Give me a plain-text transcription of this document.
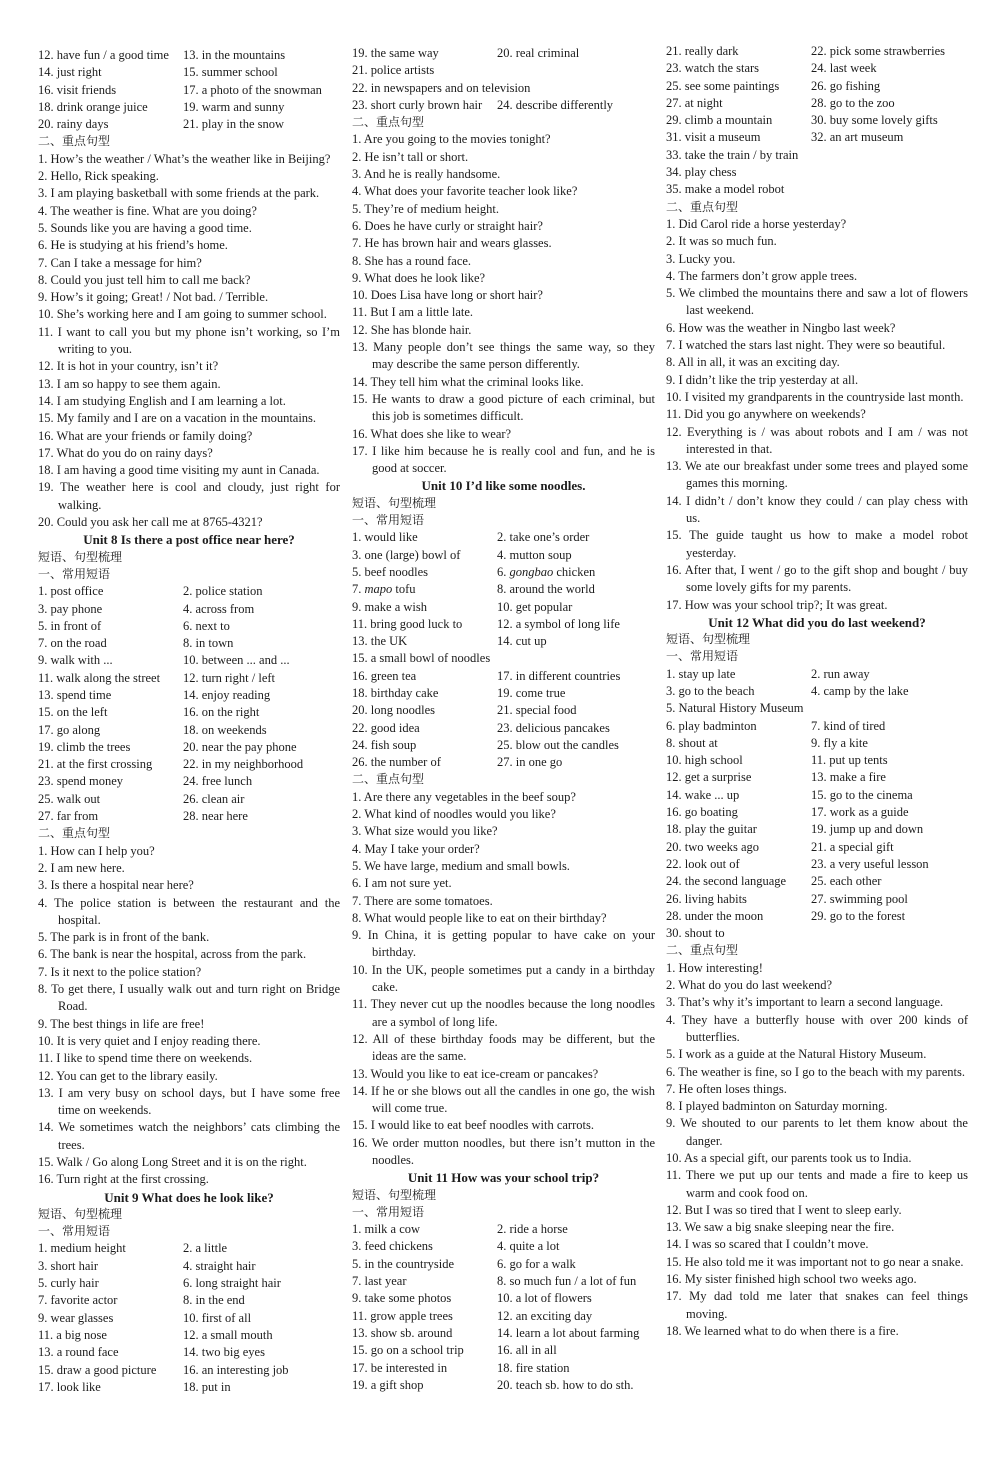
12. have fun / a good time	13. in the mountains
14. just right	15. summer school
16. visit friends	17. a photo of the snowman
18. drink orange juice	19. warm and sunny
20. rainy days	21. play in the snow
二、重点句型
1. How’s the weather / What’s the weather like in Beijing?
2. Hello, Rick speaking.
3. I am playing basketball with some friends at the park.
4. The weather is fine. What are you doing?
5. Sounds like you are having a good time.
6. He is studying at his friend’s home.
7. Can I take a message for him?
8. Could you just tell him to call me back?
9. How’s it going; Great! / Not bad. / Terrible.
10. She’s working here and I am going to summer school.
11. I want to call you but my phone isn’t working, so I’m writing to you.
12. It is hot in your country, isn’t it?
13. I am so happy to see them again.
14. I am studying English and I am learning a lot.
15. My family and I are on a vacation in the mountains.
16. What are your friends or family doing?
17. What do you do on rainy days?
18. I am having a good time visiting my aunt in Canada.
19. The weather here is cool and cloudy, just right for walking.
20. Could you ask her call me at 8765-4321?
Unit 8 Is there a post office near here?
短语、句型梳理
一、常用短语
1. post office	2. police station
3. pay phone	4. across from
5. in front of	6. next to
7. on the road	8. in town
9. walk with ...	10. between ... and ...
11. walk along the street	12. turn right / left
13. spend time	14. enjoy reading
15. on the left	16. on the right
17. go along	18. on weekends
19. climb the trees	20. near the pay phone
21. at the first crossing	22. in my neighborhood
23. spend money	24. free lunch
25. walk out	26. clean air
27. far from	28. near here
二、重点句型
1. How can I help you?
2. I am new here.
3. Is there a hospital near here?
4. The police station is between the restaurant and the hospital.
5. The park is in front of the bank.
6. The bank is near the hospital, across from the park.
7. Is it next to the police station?
8. To get there, I usually walk out and turn right on Bridge Road.
9. The best things in life are free!
10. It is very quiet and I enjoy reading there.
11. I like to spend time there on weekends.
12. You can get to the library easily.
13. I am very busy on school days, but I have some free time on weekends.
14. We sometimes watch the neighbors’ cats climbing the trees.
15. Walk / Go along Long Street and it is on the right.
16. Turn right at the first crossing.
Unit 9 What does he look like?
短语、句型梳理
一、常用短语
1. medium height	2. a little
3. short hair	4. straight hair
5. curly hair	6. long straight hair
7. favorite actor	8. in the end
9. wear glasses	10. first of all
11. a big nose	12. a small mouth
13. a round face	14. two big eyes
15. draw a good picture	16. an interesting job
17. look like	18. put in
19. the same way	20. real criminal
21. police artists
22. in newspapers and on television
23. short curly brown hair	24. describe differently
二、重点句型
1. Are you going to the movies tonight?
2. He isn’t tall or short.
3. And he is really handsome.
4. What does your favorite teacher look like?
5. They’re of medium height.
6. Does he have curly or straight hair?
7. He has brown hair and wears glasses.
8. She has a round face.
9. What does he look like?
10. Does Lisa have long or short hair?
11. But I am a little late.
12. She has blonde hair.
13. Many people don’t see things the same way, so they may describe the same person differently.
14. They tell him what the criminal looks like.
15. He wants to draw a good picture of each criminal, but this job is sometimes difficult.
16. What does she like to wear?
17. I like him because he is really cool and fun, and he is good at soccer.
Unit 10 I’d like some noodles.
短语、句型梳理
一、常用短语
1. would like	2. take one’s order
3. one (large) bowl of	4. mutton soup
5. beef noodles	6. gongbao chicken
7. mapo tofu	8. around the world
9. make a wish	10. get popular
11. bring good luck to	12. a symbol of long life
13. the UK	14. cut up
15. a small bowl of noodles
16. green tea	17. in different countries
18. birthday cake	19. come true
20. long noodles	21. special food
22. good idea	23. delicious pancakes
24. fish soup	25. blow out the candles
26. the number of	27. in one go
二、重点句型
1. Are there any vegetables in the beef soup?
2. What kind of noodles would you like?
3. What size would you like?
4. May I take your order?
5. We have large, medium and small bowls.
6. I am not sure yet.
7. There are some tomatoes.
8. What would people like to eat on their birthday?
9. In China, it is getting popular to have cake on your birthday.
10. In the UK, people sometimes put a candy in a birthday cake.
11. They never cut up the noodles because the long noodles are a symbol of long life.
12. All of these birthday foods may be different, but the ideas are the same.
13. Would you like to eat ice-cream or pancakes?
14. If he or she blows out all the candles in one go, the wish will come true.
15. I would like to eat beef noodles with carrots.
16. We order mutton noodles, but there isn’t mutton in the noodles.
Unit 11 How was your school trip?
短语、句型梳理
一、常用短语
1. milk a cow	2. ride a horse
3. feed chickens	4. quite a lot
5. in the countryside	6. go for a walk
7. last year	8. so much fun / a lot of fun
9. take some photos	10. a lot of flowers
11. grow apple trees	12. an exciting day
13. show sb. around	14. learn a lot about farming
15. go on a school trip	16. all in all
17. be interested in	18. fire station
19. a gift shop	20. teach sb. how to do sth.
21. really dark	22. pick some strawberries
23. watch the stars	24. last week
25. see some paintings	26. go fishing
27. at night	28. go to the zoo
29. climb a mountain	30. buy some lovely gifts
31. visit a museum	32. an art museum
33. take the train / by train
34. play chess
35. make a model robot
二、重点句型
1. Did Carol ride a horse yesterday?
2. It was so much fun.
3. Lucky you.
4. The farmers don’t grow apple trees.
5. We climbed the mountains there and saw a lot of flowers last weekend.
6. How was the weather in Ningbo last week?
7. I watched the stars last night. They were so beautiful.
8. All in all, it was an exciting day.
9. I didn’t like the trip yesterday at all.
10. I visited my grandparents in the countryside last month.
11. Did you go anywhere on weekends?
12. Everything is / was about robots and I am / was not interested in that.
13. We ate our breakfast under some trees and played some games this morning.
14. I didn’t / don’t know they could / can play chess with us.
15. The guide taught us how to make a model robot yesterday.
16. After that, I went / go to the gift shop and bought / buy some lovely gifts for my parents.
17. How was your school trip?; It was great.
Unit 12 What did you do last weekend?
短语、句型梳理
一、常用短语
1. stay up late	2. run away
3. go to the beach	4. camp by the lake
5. Natural History Museum
6. play badminton	7. kind of tired
8. shout at	9. fly a kite
10. high school	11. put up tents
12. get a surprise	13. make a fire
14. wake ... up	15. go to the cinema
16. go boating	17. work as a guide
18. play the guitar	19. jump up and down
20. two weeks ago	21. a special gift
22. look out of	23. a very useful lesson
24. the second language	25. each other
26. living habits	27. swimming pool
28. under the moon	29. go to the forest
30. shout to
二、重点句型
1. How interesting!
2. What do you do last weekend?
3. That’s why it’s important to learn a second language.
4. They have a butterfly house with over 200 kinds of butterflies.
5. I work as a guide at the Natural History Museum.
6. The weather is fine, so I go to the beach with my parents.
7. He often loses things.
8. I played badminton on Saturday morning.
9. We shouted to our parents to let them know about the danger.
10. As a special gift, our parents took us to India.
11. There we put up our tents and made a fire to keep us warm and cook food on.
12. But I was so tired that I went to sleep early.
13. We saw a big snake sleeping near the fire.
14. I was so scared that I couldn’t move.
15. He also told me it was important not to go near a snake.
16. My sister finished high school two weeks ago.
17. My dad told me later that snakes can feel things moving.
18. We learned what to do when there is a fire.
